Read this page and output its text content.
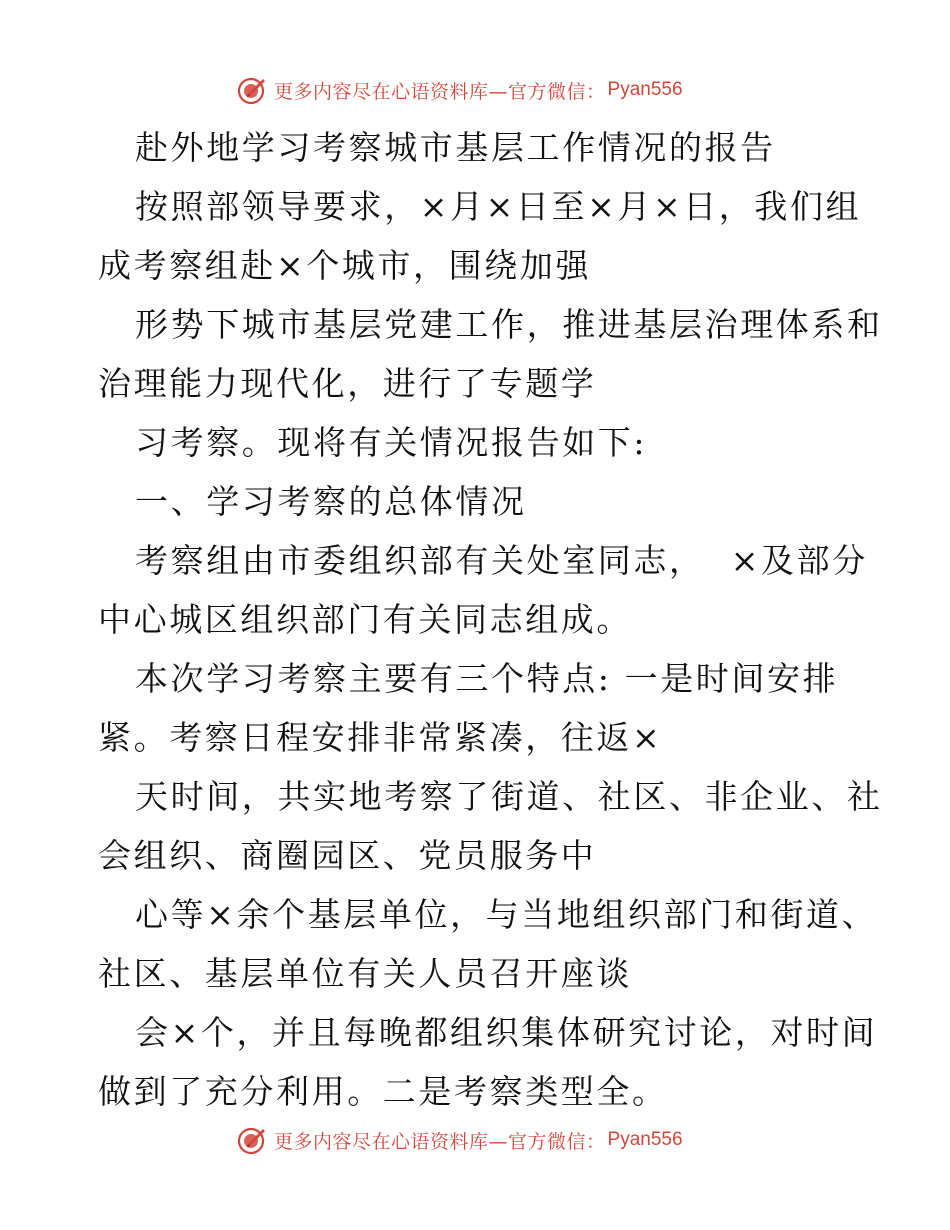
更多内容尽在心语资料库—官方微信： Pyan556
赴外地学习考察城市基层工作情况的报告
按照部领导要求，×月×日至×月×日，我们组
成考察组赴×个城市，围绕加强
形势下城市基层党建工作，推进基层治理体系和
治理能力现代化，进行了专题学
习考察。现将有关情况报告如下:
一、学习考察的总体情况
考察组由市委组织部有关处室同志，  ×及部分
中心城区组织部门有关同志组成。
本次学习考察主要有三个特点: 一是时间安排
紧。考察日程安排非常紧凑，往返×
天时间，共实地考察了街道、社区、非企业、社
会组织、商圈园区、党员服务中
心等×余个基层单位，与当地组织部门和街道、
社区、基层单位有关人员召开座谈
会×个，并且每晚都组织集体研究讨论，对时间
做到了充分利用。二是考察类型全。
更多内容尽在心语资料库—官方微信： Pyan556
